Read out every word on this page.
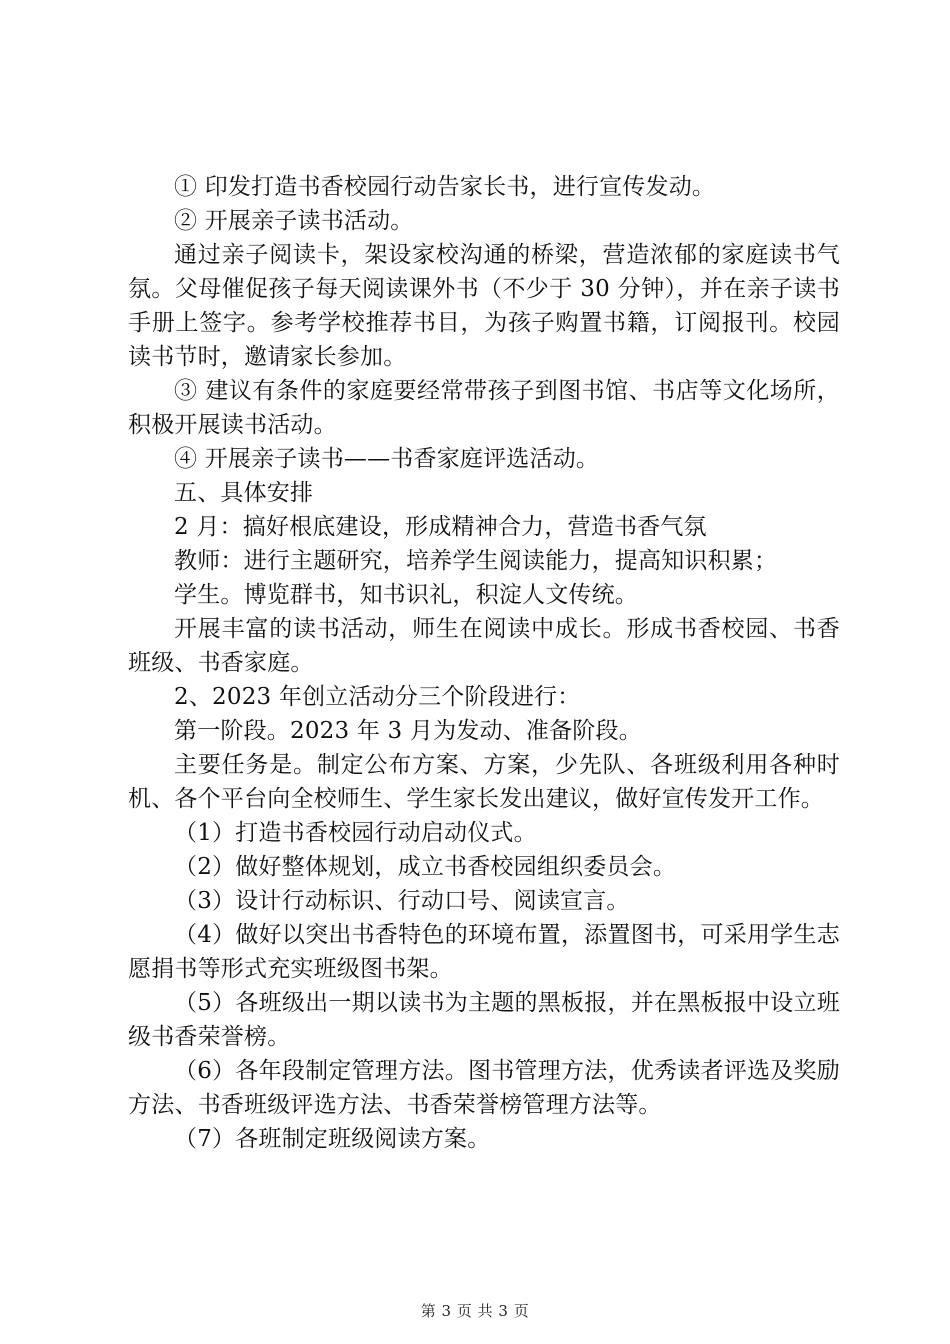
① 印发打造书香校园行动告家长书，进行宣传发动。

② 开展亲子读书活动。

通过亲子阅读卡，架设家校沟通的桥梁，营造浓郁的家庭读书气氛。父母催促孩子每天阅读课外书（不少于 30 分钟），并在亲子读书手册上签字。参考学校推荐书目，为孩子购置书籍，订阅报刊。校园读书节时，邀请家长参加。

③ 建议有条件的家庭要经常带孩子到图书馆、书店等文化场所，积极开展读书活动。

④ 开展亲子读书——书香家庭评选活动。

五、具体安排

2 月：搞好根底建设，形成精神合力，营造书香气氛

教师：进行主题研究，培养学生阅读能力，提高知识积累；

学生。博览群书，知书识礼，积淀人文传统。

开展丰富的读书活动，师生在阅读中成长。形成书香校园、书香班级、书香家庭。

2、2023 年创立活动分三个阶段进行：

第一阶段。2023 年 3 月为发动、准备阶段。

主要任务是。制定公布方案、方案，少先队、各班级利用各种时机、各个平台向全校师生、学生家长发出建议，做好宣传发开工作。

（1）打造书香校园行动启动仪式。

（2）做好整体规划，成立书香校园组织委员会。

（3）设计行动标识、行动口号、阅读宣言。

（4）做好以突出书香特色的环境布置，添置图书，可采用学生志愿捐书等形式充实班级图书架。

（5）各班级出一期以读书为主题的黑板报，并在黑板报中设立班级书香荣誉榜。

（6）各年段制定管理方法。图书管理方法，优秀读者评选及奖励方法、书香班级评选方法、书香荣誉榜管理方法等。

（7）各班制定班级阅读方案。

第 3 页 共 3 页
